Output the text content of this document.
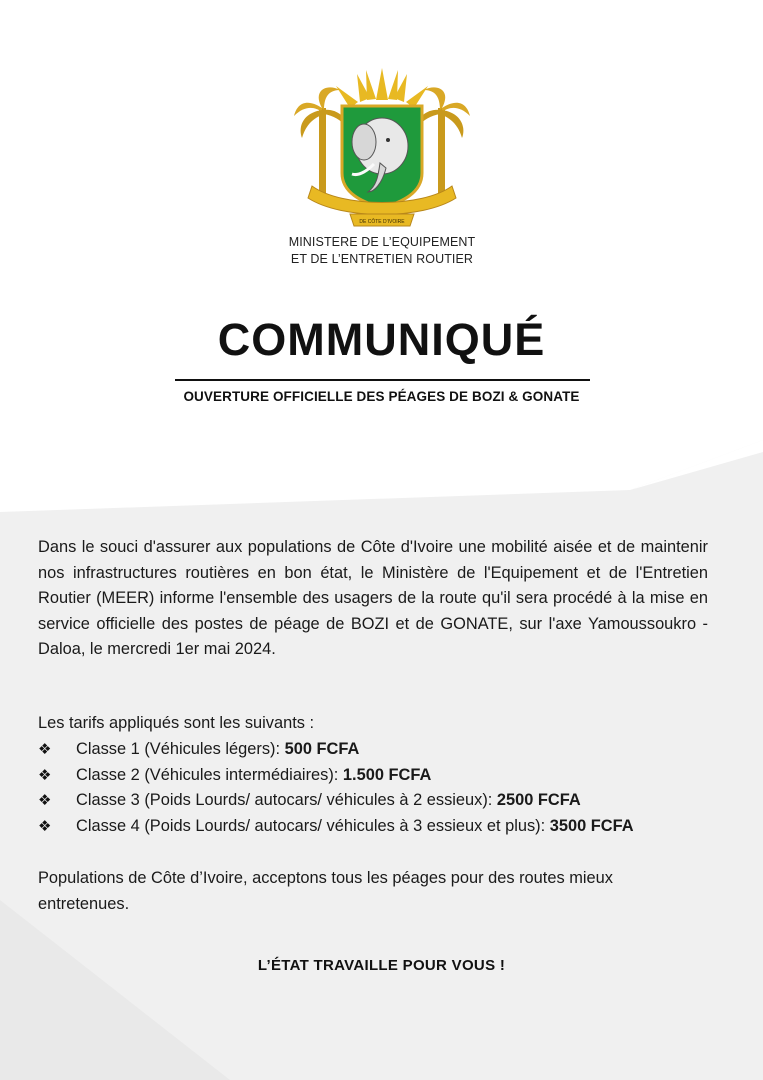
DE CÔTE D'IVOIRE
MINISTERE DE L’EQUIPEMENT
ET DE L’ENTRETIEN ROUTIER
COMMUNIQUÉ
OUVERTURE OFFICIELLE DES PÉAGES DE BOZI & GONATE

Dans le souci d'assurer aux populations de Côte d'Ivoire une mobilité aisée et de maintenir nos infrastructures routières en bon état, le Ministère de l'Equipement et de l'Entretien Routier (MEER) informe l'ensemble des usagers de la route qu'il sera procédé à la mise en service officielle des postes de péage de BOZI et de GONATE, sur l'axe Yamoussoukro - Daloa, le mercredi 1er mai 2024.

Les tarifs appliqués sont les suivants :
❖ Classe 1 (Véhicules légers): 500 FCFA
❖ Classe 2 (Véhicules intermédiaires): 1.500 FCFA
❖ Classe 3 (Poids Lourds/ autocars/ véhicules à 2 essieux): 2500 FCFA
❖ Classe 4 (Poids Lourds/ autocars/ véhicules à 3 essieux et plus): 3500 FCFA

Populations de Côte d’Ivoire, acceptons tous les péages pour des routes mieux entretenues.

L’ÉTAT TRAVAILLE POUR VOUS !
